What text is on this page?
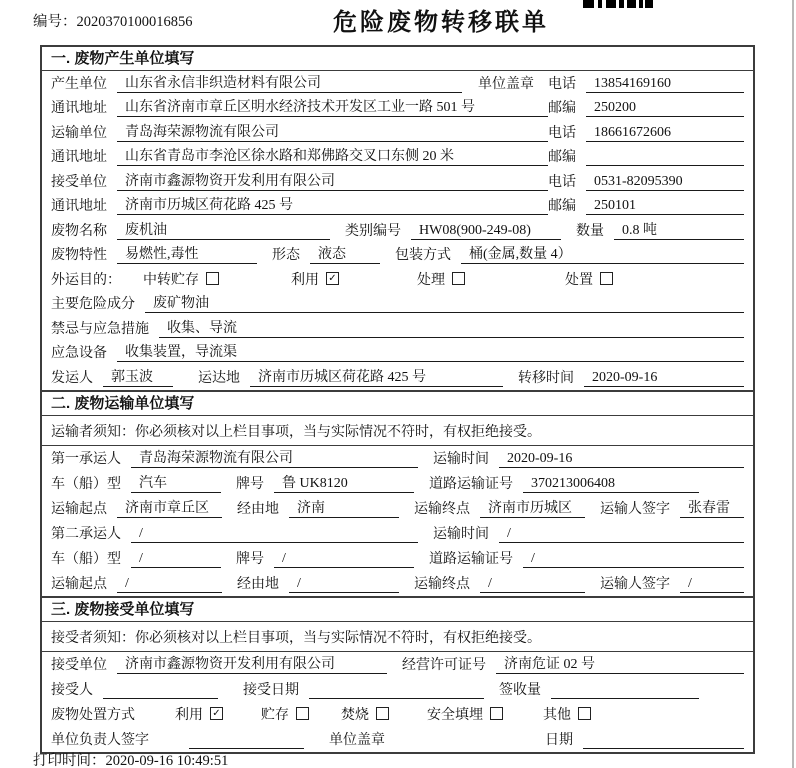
编号：2020370100016856	危险废物转移联单
一. 废物产生单位填写
产生单位	山东省永信非织造材料有限公司	单位盖章 电话	13854169160
通讯地址	山东省济南市章丘区明水经济技术开发区工业一路 501 号	邮编	250200
运输单位	青岛海荣源物流有限公司	电话	18661672606
通讯地址	山东省青岛市李沧区徐水路和郑佛路交叉口东侧 20 米	邮编
接受单位	济南市鑫源物资开发利用有限公司	电话	0531-82095390
通讯地址	济南市历城区荷花路 425 号	邮编	250101
废物名称	废机油	类别编号	HW08(900-249-08)	数量	0.8 吨
废物特性	易燃性,毒性	形态	液态	包装方式	桶(金属,数量 4）
外运目的： 中转贮存	利用 ✓	处理	处置
主要危险成分	废矿物油
禁忌与应急措施	收集、导流
应急设备	收集装置，导流渠
发运人	郭玉波	运达地	济南市历城区荷花路 425 号	转移时间	2020-09-16
二. 废物运输单位填写
运输者须知：你必须核对以上栏目事项，当与实际情况不符时，有权拒绝接受。
第一承运人	青岛海荣源物流有限公司	运输时间	2020-09-16
车（船）型	汽车	牌号	鲁 UK8120	道路运输证号	370213006408
运输起点	济南市章丘区	经由地	济南	运输终点	济南市历城区	运输人签字	张春雷
第二承运人	/	运输时间	/
车（船）型	/	牌号	/	道路运输证号	/
运输起点	/	经由地	/	运输终点	/	运输人签字	/
三. 废物接受单位填写
接受者须知：你必须核对以上栏目事项，当与实际情况不符时，有权拒绝接受。
接受单位	济南市鑫源物资开发利用有限公司	经营许可证号	济南危证 02 号
接受人	接受日期	签收量
废物处置方式	利用 ✓	贮存	焚烧	安全填埋	其他
单位负责人签字	单位盖章	日期
打印时间：2020-09-16 10:49:51
